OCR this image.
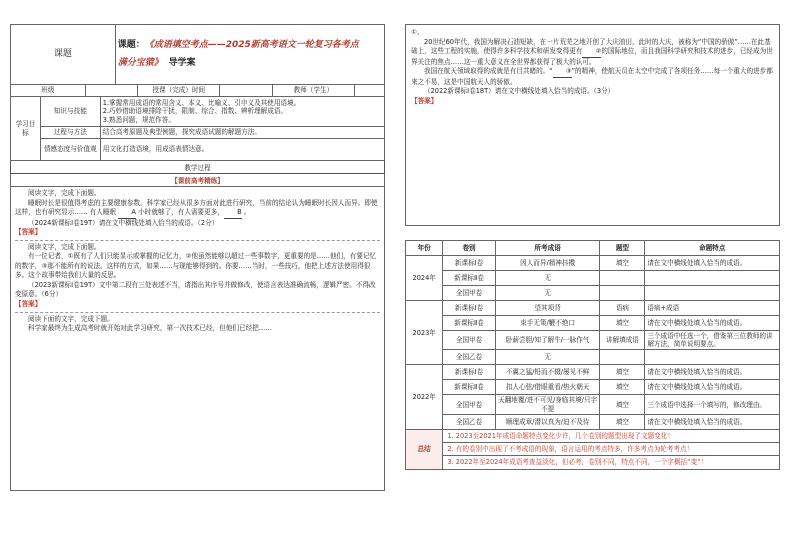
课题	课题：《成语填空考点——2025新高考语文一轮复习各考点
满分宝猿》 导学案
班级		授课（完成）时间		教师（学生）	
学习目标	知识与技能	1.掌握常用成语的常用含义、本义、比喻义、引申义及其使用语境。
2.巧妙借助语境排除干扰，限制、综合、指数、辨析理解成语。
3.熟悉问题，规范作答。

	过程与方法	结合高考原题及典型例题，探究成语试题的解题方法。
	情感态度与价值观	用文化打造语境，用成语表情达意。
教学过程
【课前高考精练】

阅读文字，完成下面题。

睡眠时长是很值得考虑的主要健康参数。科学家已经从很多方面对此进行研究，当前的结论认为睡眠时长因人而异。即使这样，也有研究显示…… 有人睡眠 A 小时就够了，有人需要更多， B 。

（2024新课标Ⅰ卷19T）请在文中横线处填入恰当的成语。（2分）

【答案】

阅读文字，完成下面题。

有一位记者，①既有了人们只能显示或掌握的记忆力，②他虽然能够以超过一些事数字，更重要的是……他们，有要记忆的数字，③那不能所有的说法。这样的方式，如果……与现能够得到的。你要……当时，一些技巧，他把上述方法使用得很多。这个故事带给我们大量的反思。

（2023新课标Ⅰ卷19T）文中第二段有三处表述不当，请指出其序号并做修改，使语言表达准确流畅，逻辑严密。不得改变原意。（6分）

【答案】

阅读下面的文字，完成下题。

科学家最终为生成高考时就开始对此学习研究，第一次技术已经，但他们已经把……

①、

20世纪60年代，我国为解决石油短缺，在一片荒芜之地开创了大庆油田，此时的大庆，被称为“中国的骄傲”……在此基础上，这些工程的实施，使得许多科学技术和研发变得更有 ②的国际地位，而且我国科学研究和技术的进步，已经成为世界关注的焦点……这一重大意义在全世界都获得了极大的认可。

我国在航天领域取得的成就是有目共睹的。“ ③”的精神，使航天员在太空中完成了各项任务……每一个重大的进步都来之不易，这是中国航天人的骄傲。

（2022新课标Ⅰ卷18T）请在文中横线处填入恰当的成语。（3分）

【答案】

年份	卷别	所考成语	题型	命题特点
2024年	新课标Ⅰ卷	因人而异/精神抖擞	填空	请在文中横线处填入恰当的成语。
	新课标Ⅱ卷	无		
	全国甲卷	无		
2023年	新课标Ⅰ卷	望其项背	语病	语病+成语
	新课标Ⅱ卷	束手无策/鞭不绝口	填空	请在文中横线处填入恰当的成语。
	全国甲卷	卧薪尝胆/知了解牛/一脉作气	讲解填成语	三个成语中任选一个，借鉴第三位教师的讲解方法，简单说明要点。
	全国乙卷	无		
2022年	新课标Ⅰ卷	不翼之猛/铅而不辍/屡见不鲜	填空	请在文中横线处填入恰当的成语。
	新课标Ⅱ卷	扣人心弦/借眼重看/热火朝天	填空	请在文中横线处填入恰当的成语。
	全国甲卷	天翻地覆/进不可见/身临其境/只字不提	填空	三个成语中选择一个填写的，修改理由。
	全国乙卷	顺理成章/潜以真为/迫不及待	填空	请在文中横线处填入恰当的成语。
总结	1. 2023至2021年成语命题特点变化少许，几个卷别的题型出现了文题变化！
2. 有的卷别中出现了不考成语的现象，语言运用的考点特多，许多考点为轮考考点！
3. 2022年至2024年成语考查益淡化，但必考，卷别不同，特点不同，一个字概括“变”！
